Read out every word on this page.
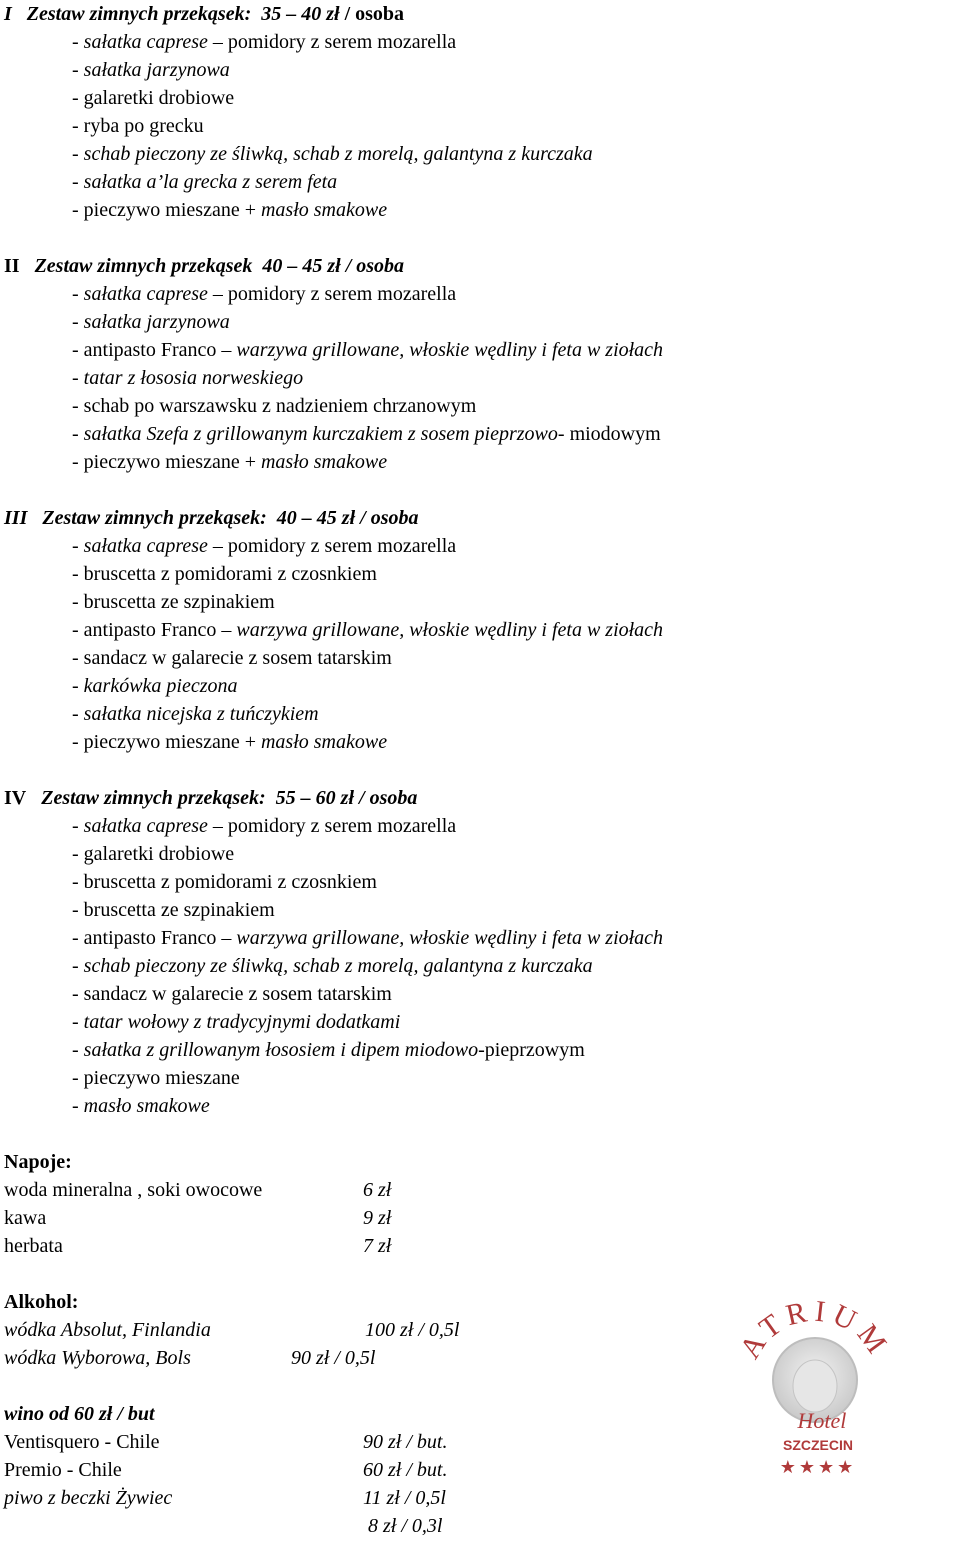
I Zestaw zimnych przekąsek: 35 – 40 zł / osoba
- sałatka caprese – pomidory z serem mozarella
- sałatka jarzynowa
- galaretki drobiowe
- ryba po grecku
- schab pieczony ze śliwką, schab z morelą, galantyna z kurczaka
- sałatka a’la grecka z serem feta
- pieczywo mieszane + masło smakowe
II Zestaw zimnych przekąsek 40 – 45 zł / osoba
- sałatka caprese – pomidory z serem mozarella
- sałatka jarzynowa
- antipasto Franco – warzywa grillowane, włoskie wędliny i feta w ziołach
- tatar z łososia norweskiego
- schab po warszawsku z nadzieniem chrzanowym
- sałatka Szefa z grillowanym kurczakiem z sosem pieprzowo- miodowym
- pieczywo mieszane + masło smakowe
III Zestaw zimnych przekąsek: 40 – 45 zł / osoba
- sałatka caprese – pomidory z serem mozarella
- bruscetta z pomidorami z czosnkiem
- bruscetta ze szpinakiem
- antipasto Franco – warzywa grillowane, włoskie wędliny i feta w ziołach
- sandacz w galarecie z sosem tatarskim
- karkówka pieczona
- sałatka nicejska z tuńczykiem
- pieczywo mieszane + masło smakowe
IV Zestaw zimnych przekąsek: 55 – 60 zł / osoba
- sałatka caprese – pomidory z serem mozarella
- galaretki drobiowe
- bruscetta z pomidorami z czosnkiem
- bruscetta ze szpinakiem
- antipasto Franco – warzywa grillowane, włoskie wędliny i feta w ziołach
- schab pieczony ze śliwką, schab z morelą, galantyna z kurczaka
- sandacz w galarecie z sosem tatarskim
- tatar wołowy z tradycyjnymi dodatkami
- sałatka z grillowanym łososiem i dipem miodowo-pieprzowym
- pieczywo mieszane
- masło smakowe
Napoje:
woda mineralna , soki owocowe	6 zł
kawa	9 zł
herbata	7 zł
Alkohol:
wódka Absolut, Finlandia	100 zł / 0,5l
wódka Wyborowa, Bols	90 zł / 0,5l
wino od 60 zł / but
Ventisquero - Chile	90 zł / but.
Premio - Chile	60 zł / but.
piwo z beczki Żywiec	11 zł / 0,5l
8 zł / 0,3l
ATRIUM
Hotel
SZCZECIN
★★★★
